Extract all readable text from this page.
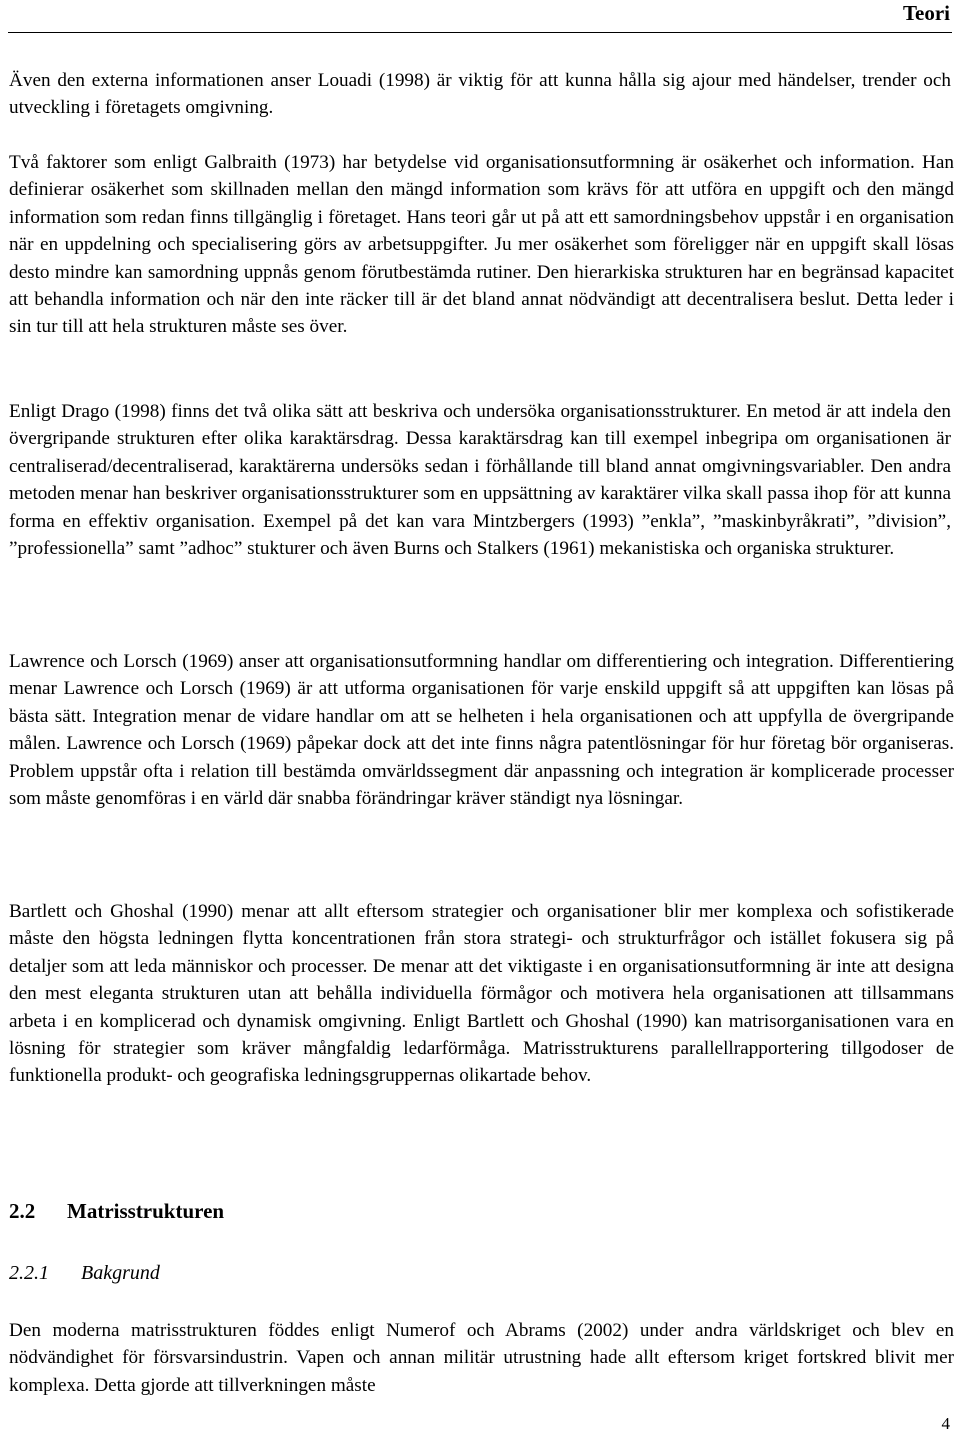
Teori

Även den externa informationen anser Louadi (1998) är viktig för att kunna hålla sig ajour med händelser, trender och utveckling i företagets omgivning.

Två faktorer som enligt Galbraith (1973) har betydelse vid organisationsutformning är osäkerhet och information. Han definierar osäkerhet som skillnaden mellan den mängd information som krävs för att utföra en uppgift och den mängd information som redan finns tillgänglig i företaget. Hans teori går ut på att ett samordningsbehov uppstår i en organisation när en uppdelning och specialisering görs av arbetsuppgifter. Ju mer osäkerhet som föreligger när en uppgift skall lösas desto mindre kan samordning uppnås genom förutbestämda rutiner. Den hierarkiska strukturen har en begränsad kapacitet att behandla information och när den inte räcker till är det bland annat nödvändigt att decentralisera beslut. Detta leder i sin tur till att hela strukturen måste ses över.

Enligt Drago (1998) finns det två olika sätt att beskriva och undersöka organisationsstrukturer. En metod är att indela den övergripande strukturen efter olika karaktärsdrag. Dessa karaktärsdrag kan till exempel inbegripa om organisationen är centraliserad/decentraliserad, karaktärerna undersöks sedan i förhållande till bland annat omgivningsvariabler. Den andra metoden menar han beskriver organisationsstrukturer som en uppsättning av karaktärer vilka skall passa ihop för att kunna forma en effektiv organisation. Exempel på det kan vara Mintzbergers (1993) ”enkla”, ”maskinbyråkrati”, ”division”, ”professionella” samt ”adhoc” stukturer och även Burns och Stalkers (1961) mekanistiska och organiska strukturer.

Lawrence och Lorsch (1969) anser att organisationsutformning handlar om differentiering och integration. Differentiering menar Lawrence och Lorsch (1969) är att utforma organisationen för varje enskild uppgift så att uppgiften kan lösas på bästa sätt. Integration menar de vidare handlar om att se helheten i hela organisationen och att uppfylla de övergripande målen. Lawrence och Lorsch (1969) påpekar dock att det inte finns några patentlösningar för hur företag bör organiseras. Problem uppstår ofta i relation till bestämda omvärldssegment där anpassning och integration är komplicerade processer som måste genomföras i en värld där snabba förändringar kräver ständigt nya lösningar.

Bartlett och Ghoshal (1990) menar att allt eftersom strategier och organisationer blir mer komplexa och sofistikerade måste den högsta ledningen flytta koncentrationen från stora strategi- och strukturfrågor och istället fokusera sig på detaljer som att leda människor och processer. De menar att det viktigaste i en organisationsutformning är inte att designa den mest eleganta strukturen utan att behålla individuella förmågor och motivera hela organisationen att tillsammans arbeta i en komplicerad och dynamisk omgivning. Enligt Bartlett och Ghoshal (1990) kan matrisorganisationen vara en lösning för strategier som kräver mångfaldig ledarförmåga. Matrisstrukturens parallellrapportering tillgodoser de funktionella produkt- och geografiska ledningsgruppernas olikartade behov.

2.2 Matrisstrukturen
2.2.1 Bakgrund

Den moderna matrisstrukturen föddes enligt Numerof och Abrams (2002) under andra världskriget och blev en nödvändighet för försvarsindustrin. Vapen och annan militär utrustning hade allt eftersom kriget fortskred blivit mer komplexa. Detta gjorde att tillverkningen måste

4
